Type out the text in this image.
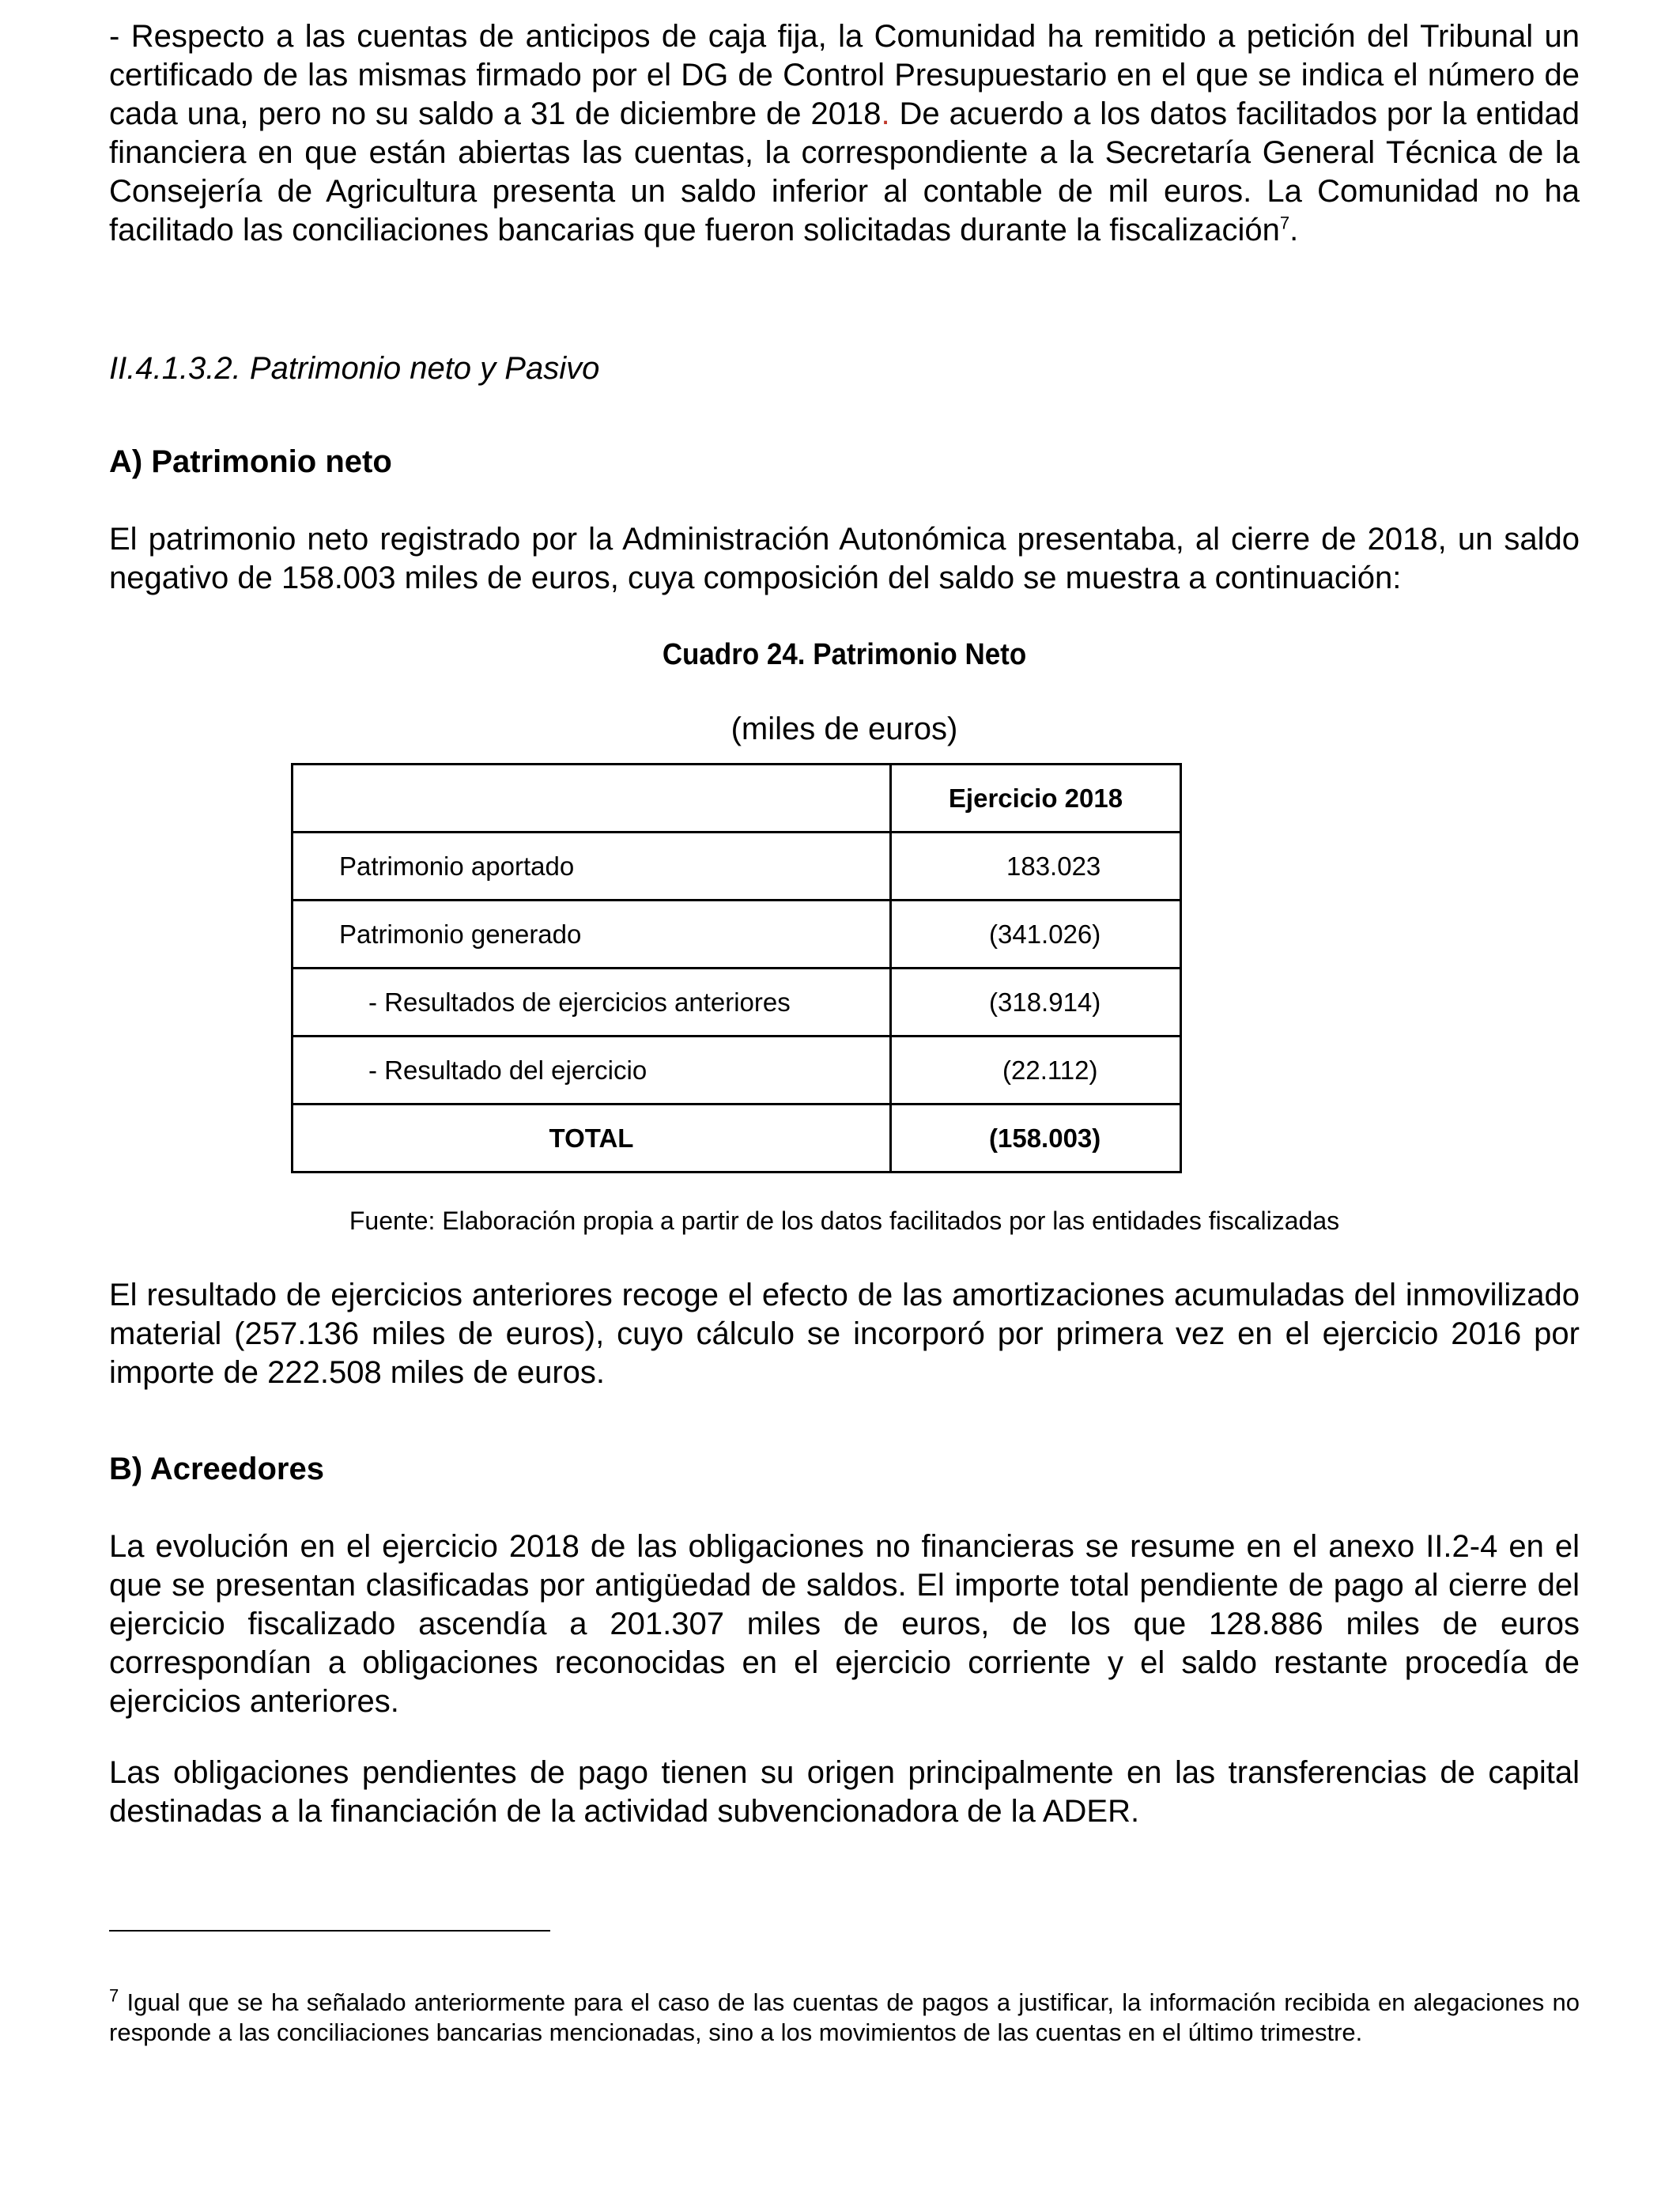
- Respecto a las cuentas de anticipos de caja fija, la Comunidad ha remitido a petición del Tribunal un certificado de las mismas firmado por el DG de Control Presupuestario en el que se indica el número de cada una, pero no su saldo a 31 de diciembre de 2018. De acuerdo a los datos facilitados por la entidad financiera en que están abiertas las cuentas, la correspondiente a la Secretaría General Técnica de la Consejería de Agricultura presenta un saldo inferior al contable de mil euros. La Comunidad no ha facilitado las conciliaciones bancarias que fueron solicitadas durante la fiscalización$^7$.

II.4.1.3.2. Patrimonio neto y Pasivo

A) Patrimonio neto

El patrimonio neto registrado por la Administración Autonómica presentaba, al cierre de 2018, un saldo negativo de 158.003 miles de euros, cuya composición del saldo se muestra a continuación:

Cuadro 24. Patrimonio Neto

(miles de euros)

	Ejercicio 2018
Patrimonio aportado	183.023
Patrimonio generado	(341.026)
- Resultados de ejercicios anteriores	(318.914)
- Resultado del ejercicio	(22.112)
TOTAL	(158.003)

Fuente: Elaboración propia a partir de los datos facilitados por las entidades fiscalizadas

El resultado de ejercicios anteriores recoge el efecto de las amortizaciones acumuladas del inmovilizado material (257.136 miles de euros), cuyo cálculo se incorporó por primera vez en el ejercicio 2016 por importe de 222.508 miles de euros.

B) Acreedores

La evolución en el ejercicio 2018 de las obligaciones no financieras se resume en el anexo II.2-4 en el que se presentan clasificadas por antigüedad de saldos. El importe total pendiente de pago al cierre del ejercicio fiscalizado ascendía a 201.307 miles de euros, de los que 128.886 miles de euros correspondían a obligaciones reconocidas en el ejercicio corriente y el saldo restante procedía de ejercicios anteriores.

Las obligaciones pendientes de pago tienen su origen principalmente en las transferencias de capital destinadas a la financiación de la actividad subvencionadora de la ADER.

$^7$ Igual que se ha señalado anteriormente para el caso de las cuentas de pagos a justificar, la información recibida en alegaciones no responde a las conciliaciones bancarias mencionadas, sino a los movimientos de las cuentas en el último trimestre.
